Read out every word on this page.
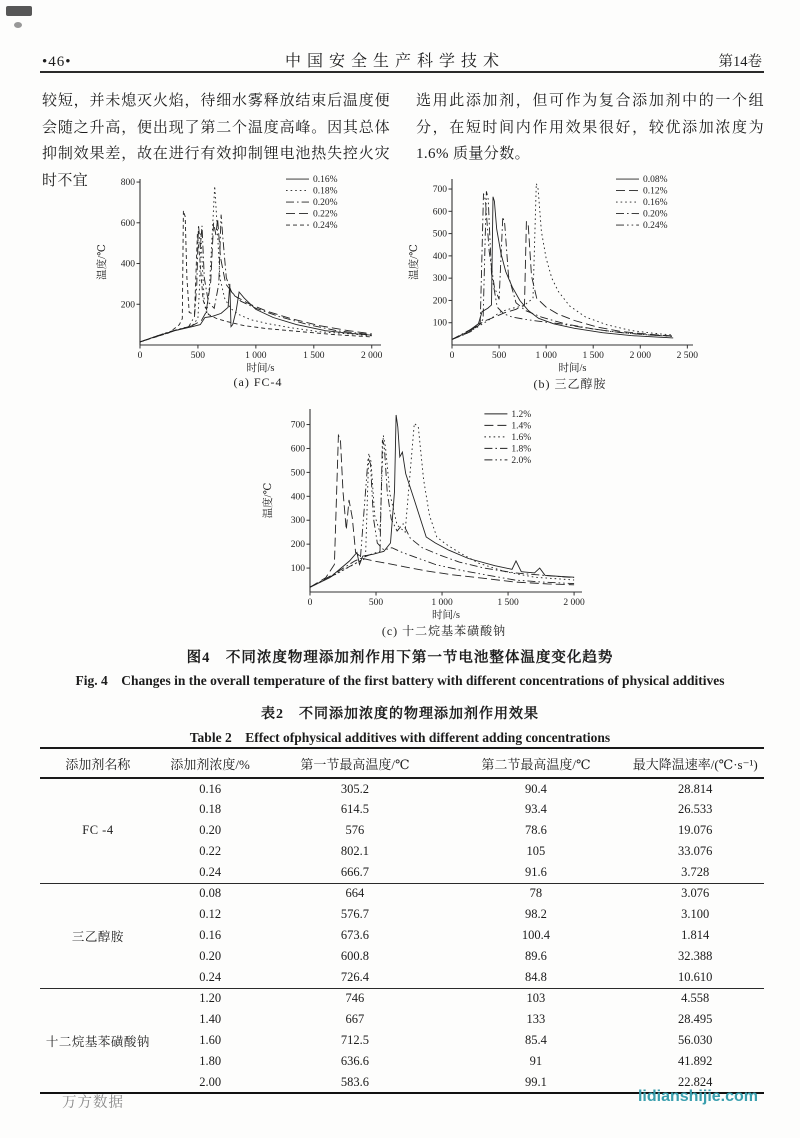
•46•	中国安全生产科学技术	第14卷

较短，并未熄灭火焰，待细水雾释放结束后温度便会随之升高，便出现了第二个温度高峰。因其总体抑制效果差，故在进行有效抑制锂电池热失控火灾时不宜

选用此添加剂，但可作为复合添加剂中的一个组分，在短时间内作用效果很好，较优添加浓度为 1.6% 质量分数。

0	500	1 000	1 500	2 000
200
400
600
800
时间/s
温度/℃
0.16%
0.18%
0.20%
0.22%
0.24%
(a) FC-4
0	500	1 000	1 500	2 000	2 500
100
200
300
400
500
600
700
时间/s
温度/℃
0.08%
0.12%
0.16%
0.20%
0.24%
(b) 三乙醇胺
0	500	1 000	1 500	2 000
100
200
300
400
500
600
700
时间/s
温度/℃
1.2%
1.4%
1.6%
1.8%
2.0%
(c) 十二烷基苯磺酸钠
图4　不同浓度物理添加剂作用下第一节电池整体温度变化趋势
Fig. 4　Changes in the overall temperature of the first battery with different concentrations of physical additives
表2　不同添加浓度的物理添加剂作用效果
Table 2　Effect ofphysical additives with different adding concentrations
添加剂名称	添加剂浓度/%	第一节最高温度/℃	第二节最高温度/℃	最大降温速率/(℃·s⁻¹)
	0.16	305.2	90.4	28.814
	0.18	614.5	93.4	26.533
FC -4	0.20	576	78.6	19.076
	0.22	802.1	105	33.076
	0.24	666.7	91.6	3.728
	0.08	664	78	3.076
	0.12	576.7	98.2	3.100
三乙醇胺	0.16	673.6	100.4	1.814
	0.20	600.8	89.6	32.388
	0.24	726.4	84.8	10.610
	1.20	746	103	4.558
	1.40	667	133	28.495
十二烷基苯磺酸钠	1.60	712.5	85.4	56.030
	1.80	636.6	91	41.892
	2.00	583.6	99.1	22.824
万方数据	lidianshijie.com
